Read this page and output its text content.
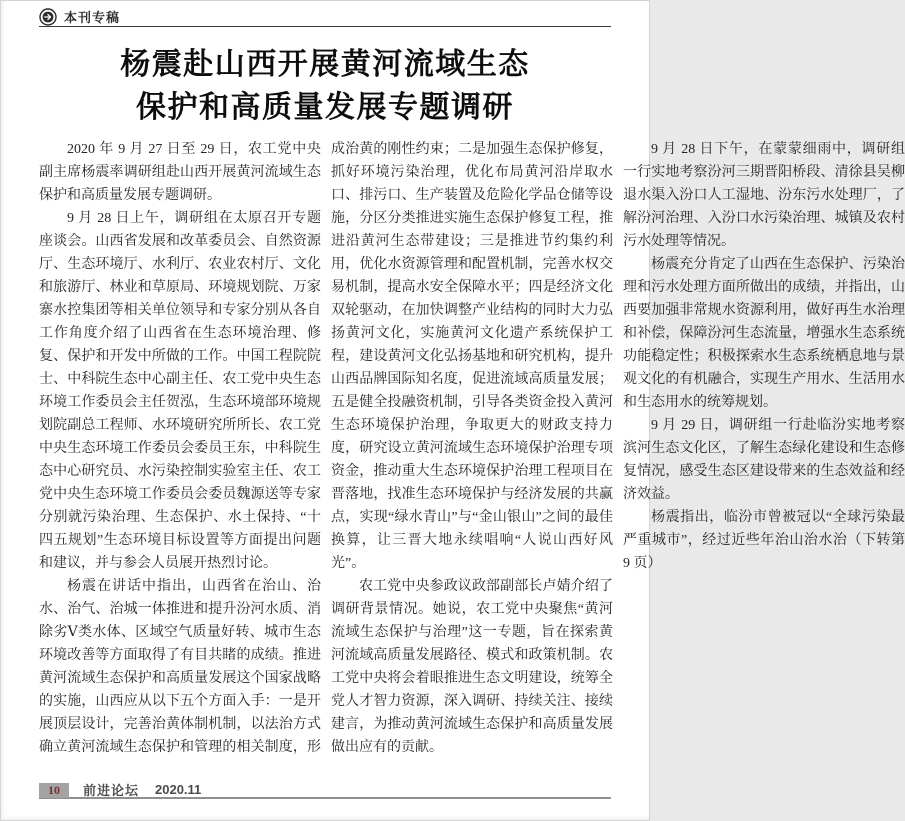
本刊专稿
杨震赴山西开展黄河流域生态
保护和高质量发展专题调研

2020 年 9 月 27 日至 29 日，农工党中央副主席杨震率调研组赴山西开展黄河流域生态保护和高质量发展专题调研。

9 月 28 日上午，调研组在太原召开专题座谈会。山西省发展和改革委员会、自然资源厅、生态环境厅、水利厅、农业农村厅、文化和旅游厅、林业和草原局、环境规划院、万家寨水控集团等相关单位领导和专家分别从各自工作角度介绍了山西省在生态环境治理、修复、保护和开发中所做的工作。中国工程院院士、中科院生态中心副主任、农工党中央生态环境工作委员会主任贺泓，生态环境部环境规划院副总工程师、水环境研究所所长、农工党中央生态环境工作委员会委员王东，中科院生态中心研究员、水污染控制实验室主任、农工党中央生态环境工作委员会委员魏源送等专家分别就污染治理、生态保护、水土保持、“十四五规划”生态环境目标设置等方面提出问题和建议，并与参会人员展开热烈讨论。

杨震在讲话中指出，山西省在治山、治水、治气、治城一体推进和提升汾河水质、消除劣Ⅴ类水体、区域空气质量好转、城市生态环境改善等方面取得了有目共睹的成绩。推进黄河流域生态保护和高质量发展这个国家战略的实施，山西应从以下五个方面入手：一是开展顶层设计，完善治黄体制机制，以法治方式确立黄河流域生态保护和管理的相关制度，形成治黄的刚性约束；二是加强生态保护修复，抓好环境污染治理，优化布局黄河沿岸取水口、排污口、生产装置及危险化学品仓储等设施，分区分类推进实施生态保护修复工程，推进沿黄河生态带建设；三是推进节约集约利用，优化水资源管理和配置机制，完善水权交易机制，提高水安全保障水平；四是经济文化双轮驱动，在加快调整产业结构的同时大力弘扬黄河文化，实施黄河文化遗产系统保护工程，建设黄河文化弘扬基地和研究机构，提升山西品牌国际知名度，促进流域高质量发展；五是健全投融资机制，引导各类资金投入黄河生态环境保护治理，争取更大的财政支持力度，研究设立黄河流域生态环境保护治理专项资金，推动重大生态环境保护治理工程项目在晋落地，找准生态环境保护与经济发展的共赢点，实现“绿水青山”与“金山银山”之间的最佳换算，让三晋大地永续唱响“人说山西好风光”。

农工党中央参政议政部副部长卢婧介绍了调研背景情况。她说，农工党中央聚焦“黄河流域生态保护与治理”这一专题，旨在探索黄河流域高质量发展路径、模式和政策机制。农工党中央将会着眼推进生态文明建设，统筹全党人才智力资源，深入调研、持续关注、接续建言，为推动黄河流域生态保护和高质量发展做出应有的贡献。

9 月 28 日下午，在蒙蒙细雨中，调研组一行实地考察汾河三期晋阳桥段、清徐县吴柳退水渠入汾口人工湿地、汾东污水处理厂，了解汾河治理、入汾口水污染治理、城镇及农村污水处理等情况。

杨震充分肯定了山西在生态保护、污染治理和污水处理方面所做出的成绩，并指出，山西要加强非常规水资源利用，做好再生水治理和补偿，保障汾河生态流量，增强水生态系统功能稳定性；积极探索水生态系统栖息地与景观文化的有机融合，实现生产用水、生活用水和生态用水的统筹规划。

9 月 29 日，调研组一行赴临汾实地考察滨河生态文化区，了解生态绿化建设和生态修复情况，感受生态区建设带来的生态效益和经济效益。

杨震指出，临汾市曾被冠以“全球污染最严重城市”，经过近些年治山治水治（下转第 9 页）

10	前进论坛 2020.11
